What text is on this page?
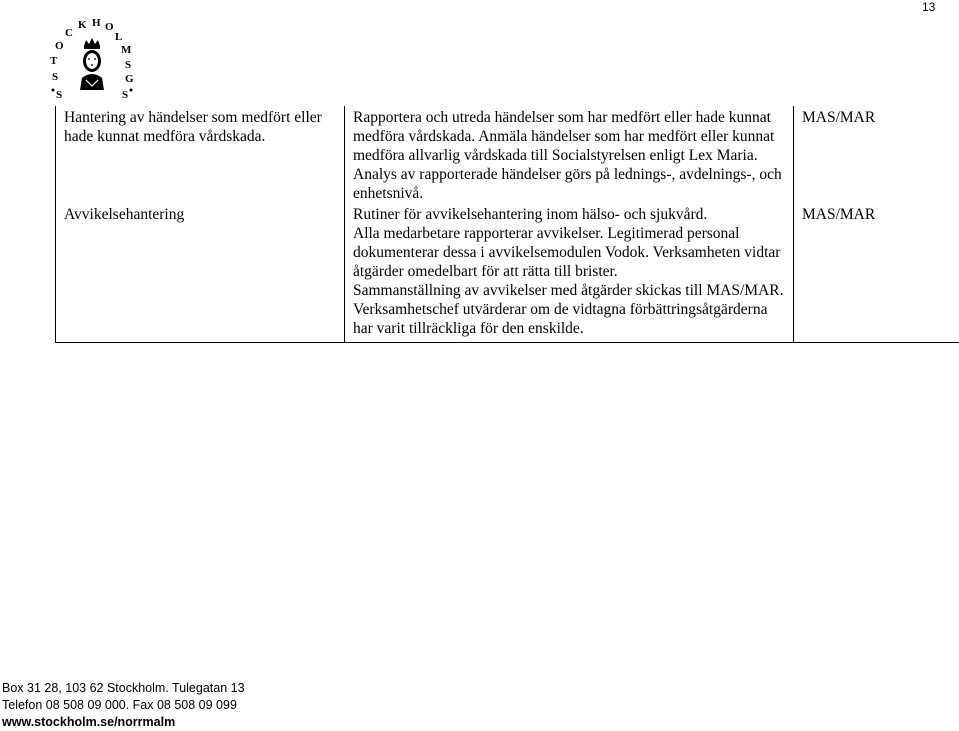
13
S
T
O
C
K H O
L
M
S
G
S	S
Hantering av händelser som medfört eller hade kunnat medföra vårdskada.	Rapportera och utreda händelser som har medfört eller hade kunnat medföra vårdskada. Anmäla händelser som har medfört eller kunnat medföra allvarlig vårdskada till Socialstyrelsen enligt Lex Maria. Analys av rapporterade händelser görs på lednings-, avdelnings-, och enhetsnivå.	MAS/MAR
Avvikelsehantering	Rutiner för avvikelsehantering inom hälso- och sjukvård.

Alla medarbetare rapporterar avvikelser. Legitimerad personal dokumenterar dessa i avvikelsemodulen Vodok. Verksamheten vidtar åtgärder omedelbart för att rätta till brister.

Sammanställning av avvikelser med åtgärder skickas till MAS/MAR. Verksamhetschef utvärderar om de vidtagna förbättringsåtgärderna har varit tillräckliga för den enskilde.	MAS/MAR
Box 31 28, 103 62 Stockholm. Tulegatan 13
Telefon 08 508 09 000. Fax 08 508 09 099
www.stockholm.se/norrmalm
